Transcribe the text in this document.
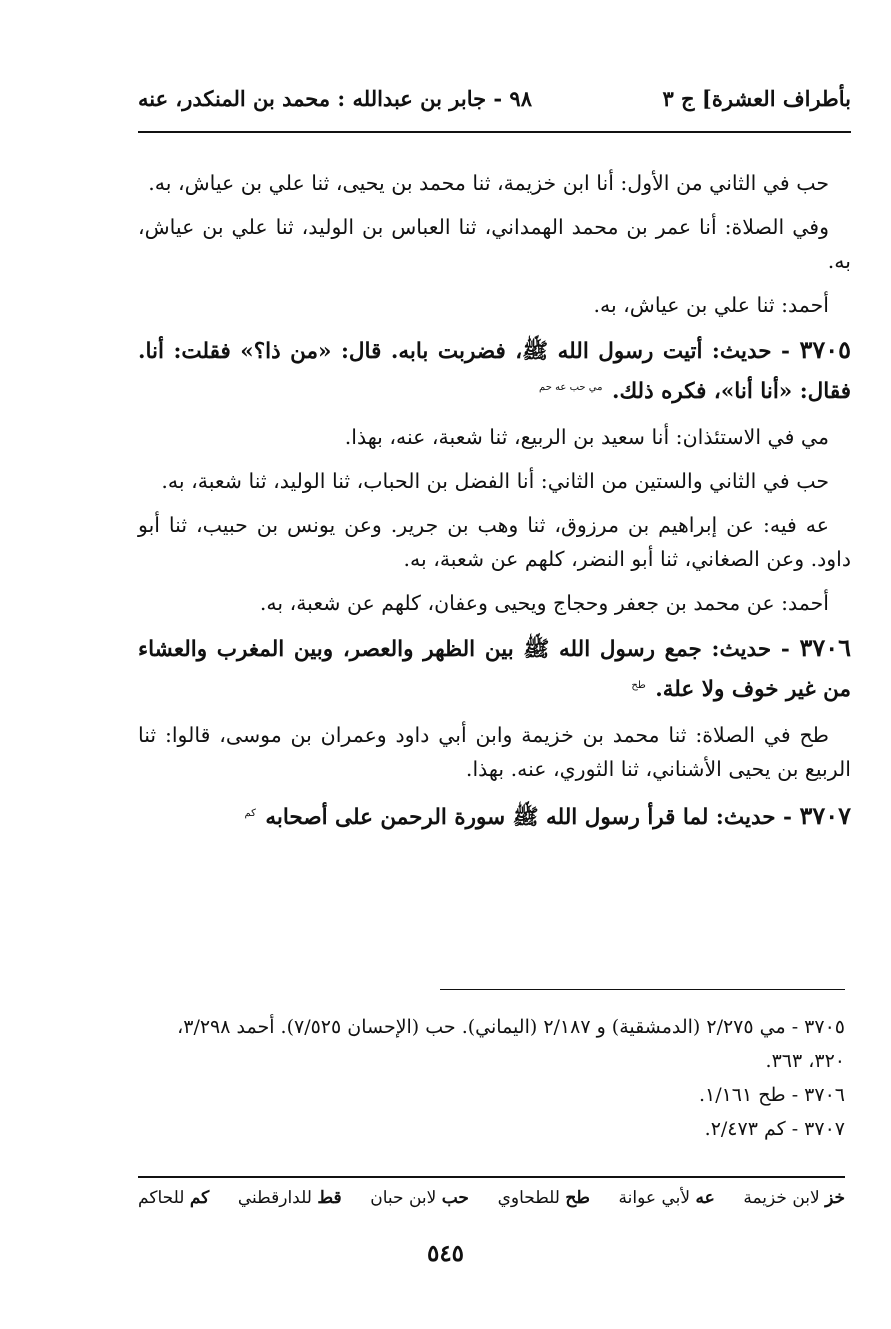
بأطراف العشرة] ج ٣
٩٨ - جابر بن عبدالله : محمد بن المنكدر، عنه

حب في الثاني من الأول: أنا ابن خزيمة، ثنا محمد بن يحيى، ثنا علي بن عياش، به.

وفي الصلاة: أنا عمر بن محمد الهمداني، ثنا العباس بن الوليد، ثنا علي بن عياش، به.

أحمد: ثنا علي بن عياش، به.

٣٧٠٥ - حديث: أتيت رسول الله ﷺ، فضربت بابه. قال: «من ذا؟» فقلت: أنا. فقال: «أنا أنا»، فكره ذلك. $^{مي حب عه حم}$

مي في الاستئذان: أنا سعيد بن الربيع، ثنا شعبة، عنه، بهذا.

حب في الثاني والستين من الثاني: أنا الفضل بن الحباب، ثنا الوليد، ثنا شعبة، به.

عه فيه: عن إبراهيم بن مرزوق، ثنا وهب بن جرير. وعن يونس بن حبيب، ثنا أبو داود. وعن الصغاني، ثنا أبو النضر، كلهم عن شعبة، به.

أحمد: عن محمد بن جعفر وحجاج ويحيى وعفان، كلهم عن شعبة، به.

٣٧٠٦ - حديث: جمع رسول الله ﷺ بين الظهر والعصر، وبين المغرب والعشاء من غير خوف ولا علة. $^{طح}$

طح في الصلاة: ثنا محمد بن خزيمة وابن أبي داود وعمران بن موسى، قالوا: ثنا الربيع بن يحيى الأشناني، ثنا الثوري، عنه. بهذا.

٣٧٠٧ - حديث: لما قرأ رسول الله ﷺ سورة الرحمن على أصحابه $^{كم}$

٣٧٠٥ - مي ٢/٢٧٥ (الدمشقية) و ٢/١٨٧ (اليماني). حب (الإحسان ٧/٥٢٥). أحمد ٣/٢٩٨، ٣٢٠، ٣٦٣.

٣٧٠٦ - طح ١/١٦١.

٣٧٠٧ - كم ٢/٤٧٣.

خز لابن خزيمة
عه لأبي عوانة
طح للطحاوي
حب لابن حبان
قط للدارقطني
كم للحاكم
٥٤٥
